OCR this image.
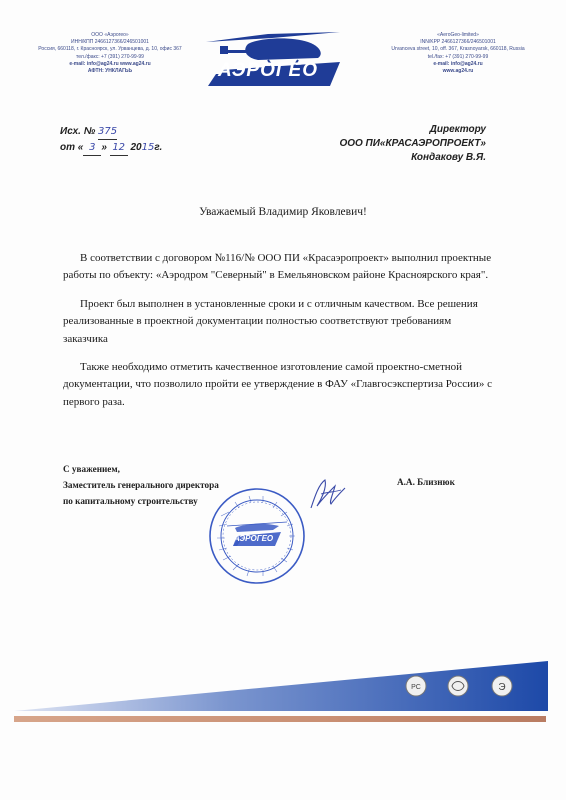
ООО «Аэрогео»
ИНН/КПП 2466127366/246501001
Россия, 660118, г. Красноярск, ул. Урванцева, д. 10, офис 367
тел./факс: +7 (391) 270-99-99
e-mail: info@ag24.ru www.ag24.ru
АФТН: УНКЛАГЬЬ	АЭРОГЕО
«AeroGeo-limited»
INN/KPP 2466127366/246501001
Urvanceva street, 10, off. 367, Krasnoyarsk, 660118, Russia
tel./fax: +7 (391) 270-99-99
e-mail: info@ag24.ru
www.ag24.ru
Исх. № 375
от « 3 » 12 2015г.
Директору
ООО ПИ«КРАСАЭРОПРОЕКТ»
Кондакову В.Я.
Уважаемый Владимир Яковлевич!

В соответствии с договором №116/№ ООО ПИ «Красаэропроект» выполнил проектные работы по объекту: «Аэродром "Северный" в Емельяновском районе Красноярского края".

Проект был выполнен в установленные сроки и с отличным качеством. Все решения реализованные в проектной документации полностью соответствуют требованиям заказчика

Также необходимо отметить качественное изготовление самой проектно-сметной документации, что позволило пройти ее утверждение в ФАУ «Главгосэкспертиза России» с первого раза.

С уважением,
Заместитель генерального директора
по капитальному строительству
А.А. Близнюк
АЭРОГЕО
РС	Э
